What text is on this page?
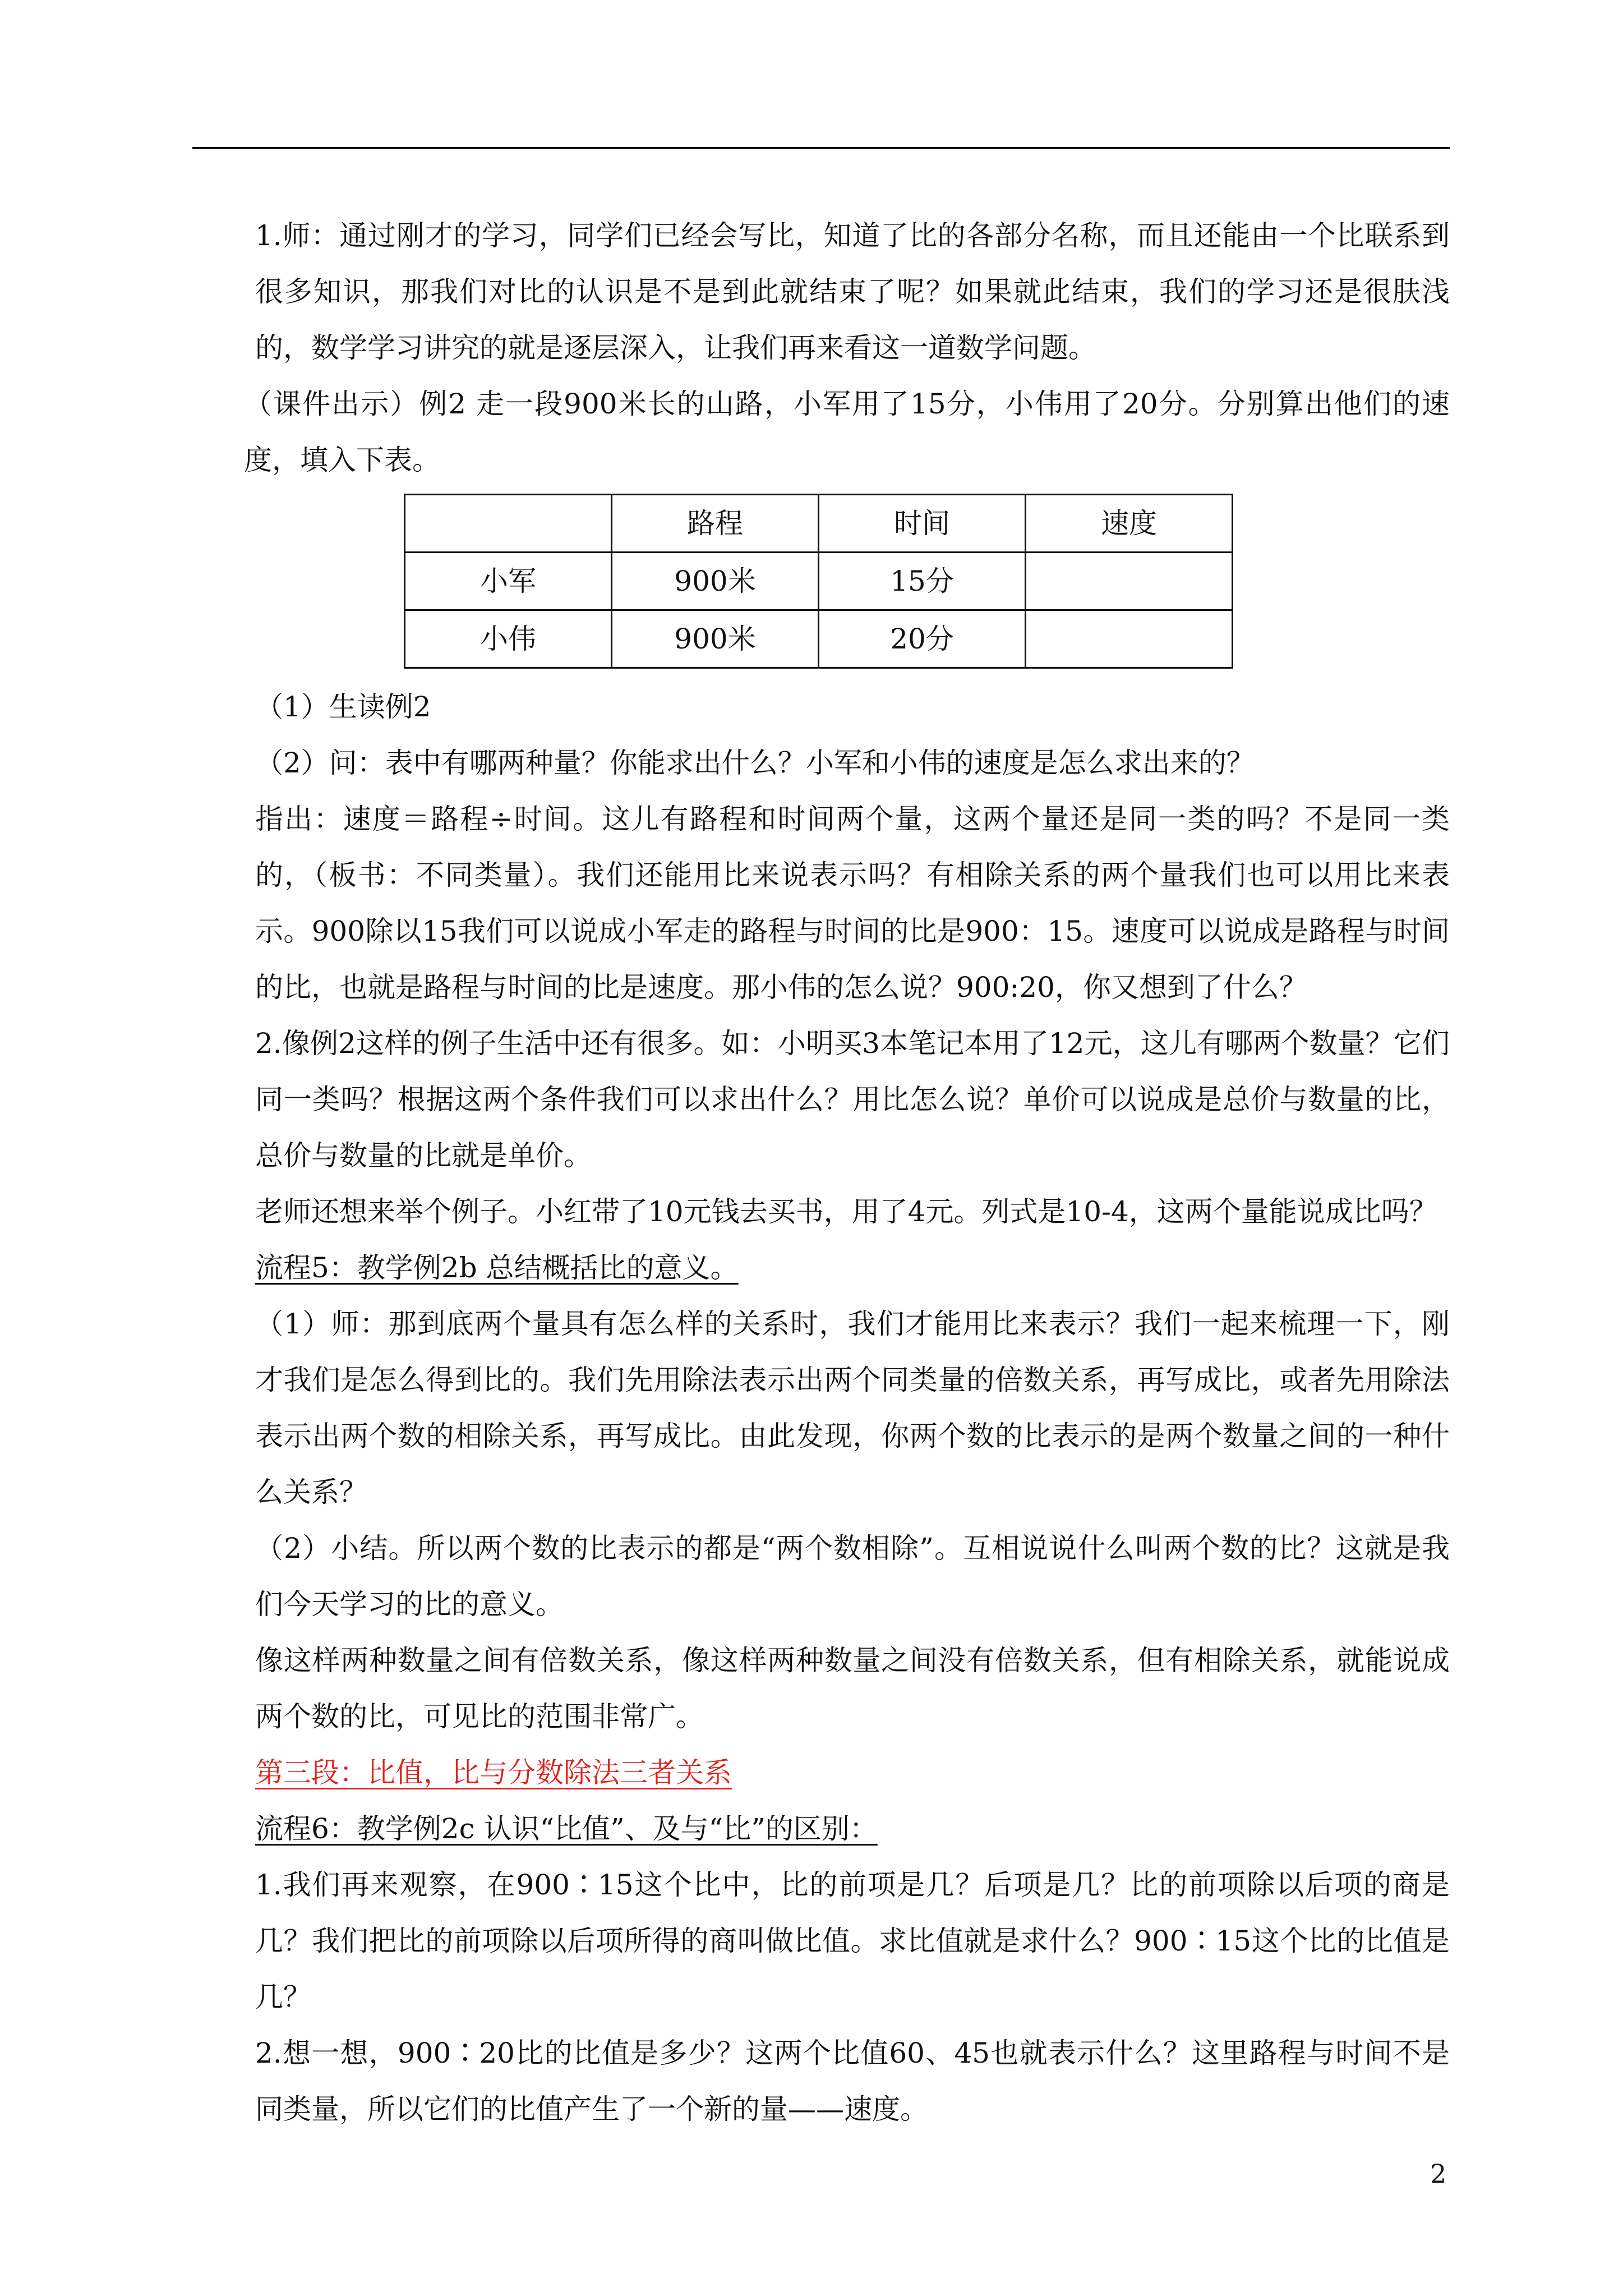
1.师：通过刚才的学习，同学们已经会写比，知道了比的各部分名称，而且还能由一个比联系到很多知识，那我们对比的认识是不是到此就结束了呢？如果就此结束，我们的学习还是很肤浅的，数学学习讲究的就是逐层深入，让我们再来看这一道数学问题。

（课件出示）例2 走一段900米长的山路，小军用了15分，小伟用了20分。分别算出他们的速度，填入下表。

	路程	时间	速度
小军	900米	15分	
小伟	900米	20分	

（1）生读例2

（2）问：表中有哪两种量？你能求出什么？小军和小伟的速度是怎么求出来的？

指出：速度＝路程÷时间。这儿有路程和时间两个量，这两个量还是同一类的吗？不是同一类的，（板书：不同类量）。我们还能用比来说表示吗？有相除关系的两个量我们也可以用比来表示。900除以15我们可以说成小军走的路程与时间的比是900：15。速度可以说成是路程与时间的比，也就是路程与时间的比是速度。那小伟的怎么说？900:20，你又想到了什么？

2.像例2这样的例子生活中还有很多。如：小明买3本笔记本用了12元，这儿有哪两个数量？它们同一类吗？根据这两个条件我们可以求出什么？用比怎么说？单价可以说成是总价与数量的比，总价与数量的比就是单价。

老师还想来举个例子。小红带了10元钱去买书，用了4元。列式是10-4，这两个量能说成比吗？

流程5：教学例2b 总结概括比的意义。

（1）师：那到底两个量具有怎么样的关系时，我们才能用比来表示？我们一起来梳理一下，刚才我们是怎么得到比的。我们先用除法表示出两个同类量的倍数关系，再写成比，或者先用除法表示出两个数的相除关系，再写成比。由此发现，你两个数的比表示的是两个数量之间的一种什么关系？

（2）小结。所以两个数的比表示的都是“两个数相除”。互相说说什么叫两个数的比？这就是我们今天学习的比的意义。

像这样两种数量之间有倍数关系，像这样两种数量之间没有倍数关系，但有相除关系，就能说成两个数的比，可见比的范围非常广。

第三段：比值，比与分数除法三者关系

流程6：教学例2c 认识“比值”、及与“比”的区别：

1.我们再来观察，在900∶15这个比中，比的前项是几？后项是几？比的前项除以后项的商是几？我们把比的前项除以后项所得的商叫做比值。求比值就是求什么？900∶15这个比的比值是几？

2.想一想，900∶20比的比值是多少？这两个比值60、45也就表示什么？这里路程与时间不是同类量，所以它们的比值产生了一个新的量——速度。

2
